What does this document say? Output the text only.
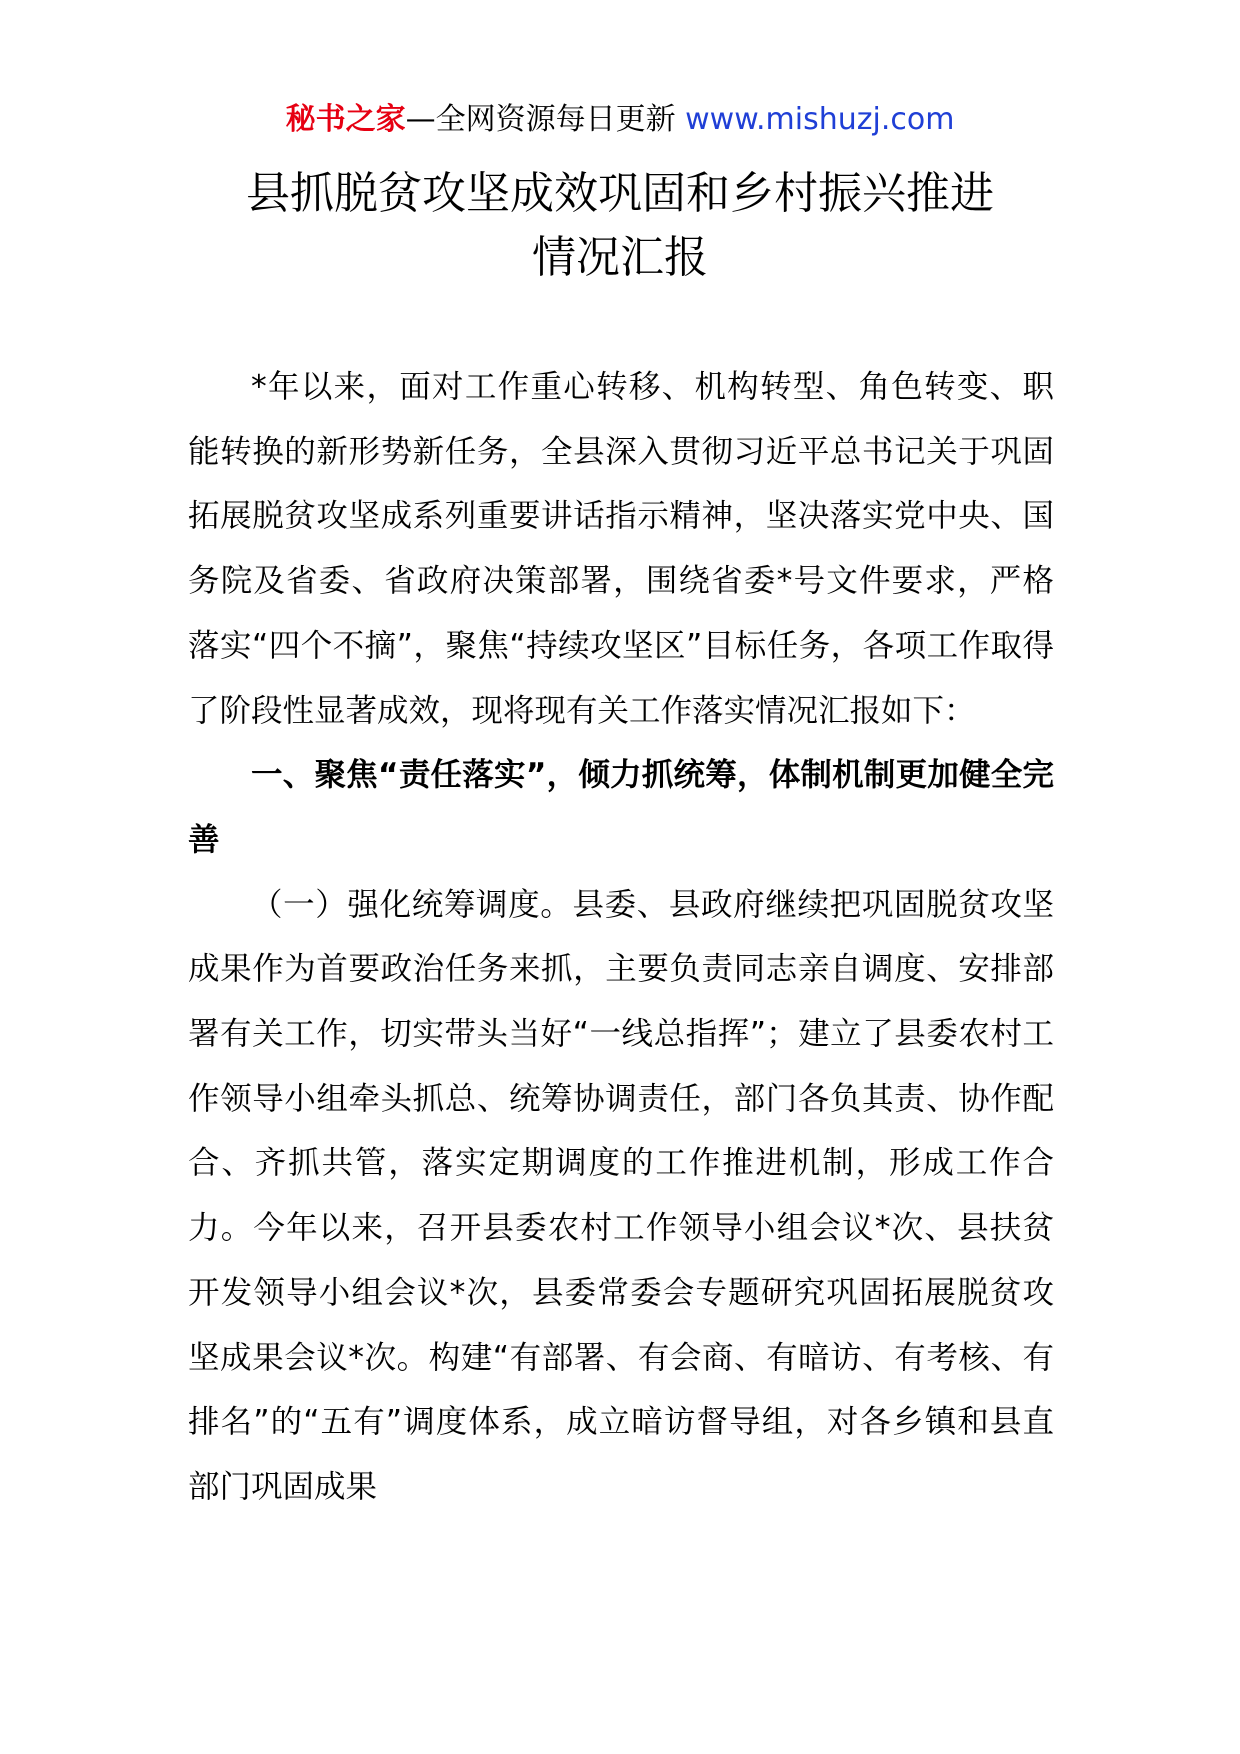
秘书之家—全网资源每日更新 www.mishuzj.com
县抓脱贫攻坚成效巩固和乡村振兴推进
情况汇报

*年以来，面对工作重心转移、机构转型、角色转变、职能转换的新形势新任务，全县深入贯彻习近平总书记关于巩固拓展脱贫攻坚成系列重要讲话指示精神，坚决落实党中央、国务院及省委、省政府决策部署，围绕省委*号文件要求，严格落实“四个不摘”，聚焦“持续攻坚区”目标任务，各项工作取得了阶段性显著成效，现将现有关工作落实情况汇报如下：

一、聚焦“责任落实”，倾力抓统筹，体制机制更加健全完善

（一）强化统筹调度。县委、县政府继续把巩固脱贫攻坚成果作为首要政治任务来抓，主要负责同志亲自调度、安排部署有关工作，切实带头当好“一线总指挥”；建立了县委农村工作领导小组牵头抓总、统筹协调责任，部门各负其责、协作配合、齐抓共管，落实定期调度的工作推进机制，形成工作合力。今年以来，召开县委农村工作领导小组会议*次、县扶贫开发领导小组会议*次，县委常委会专题研究巩固拓展脱贫攻坚成果会议*次。构建“有部署、有会商、有暗访、有考核、有排名”的“五有”调度体系，成立暗访督导组，对各乡镇和县直部门巩固成果
